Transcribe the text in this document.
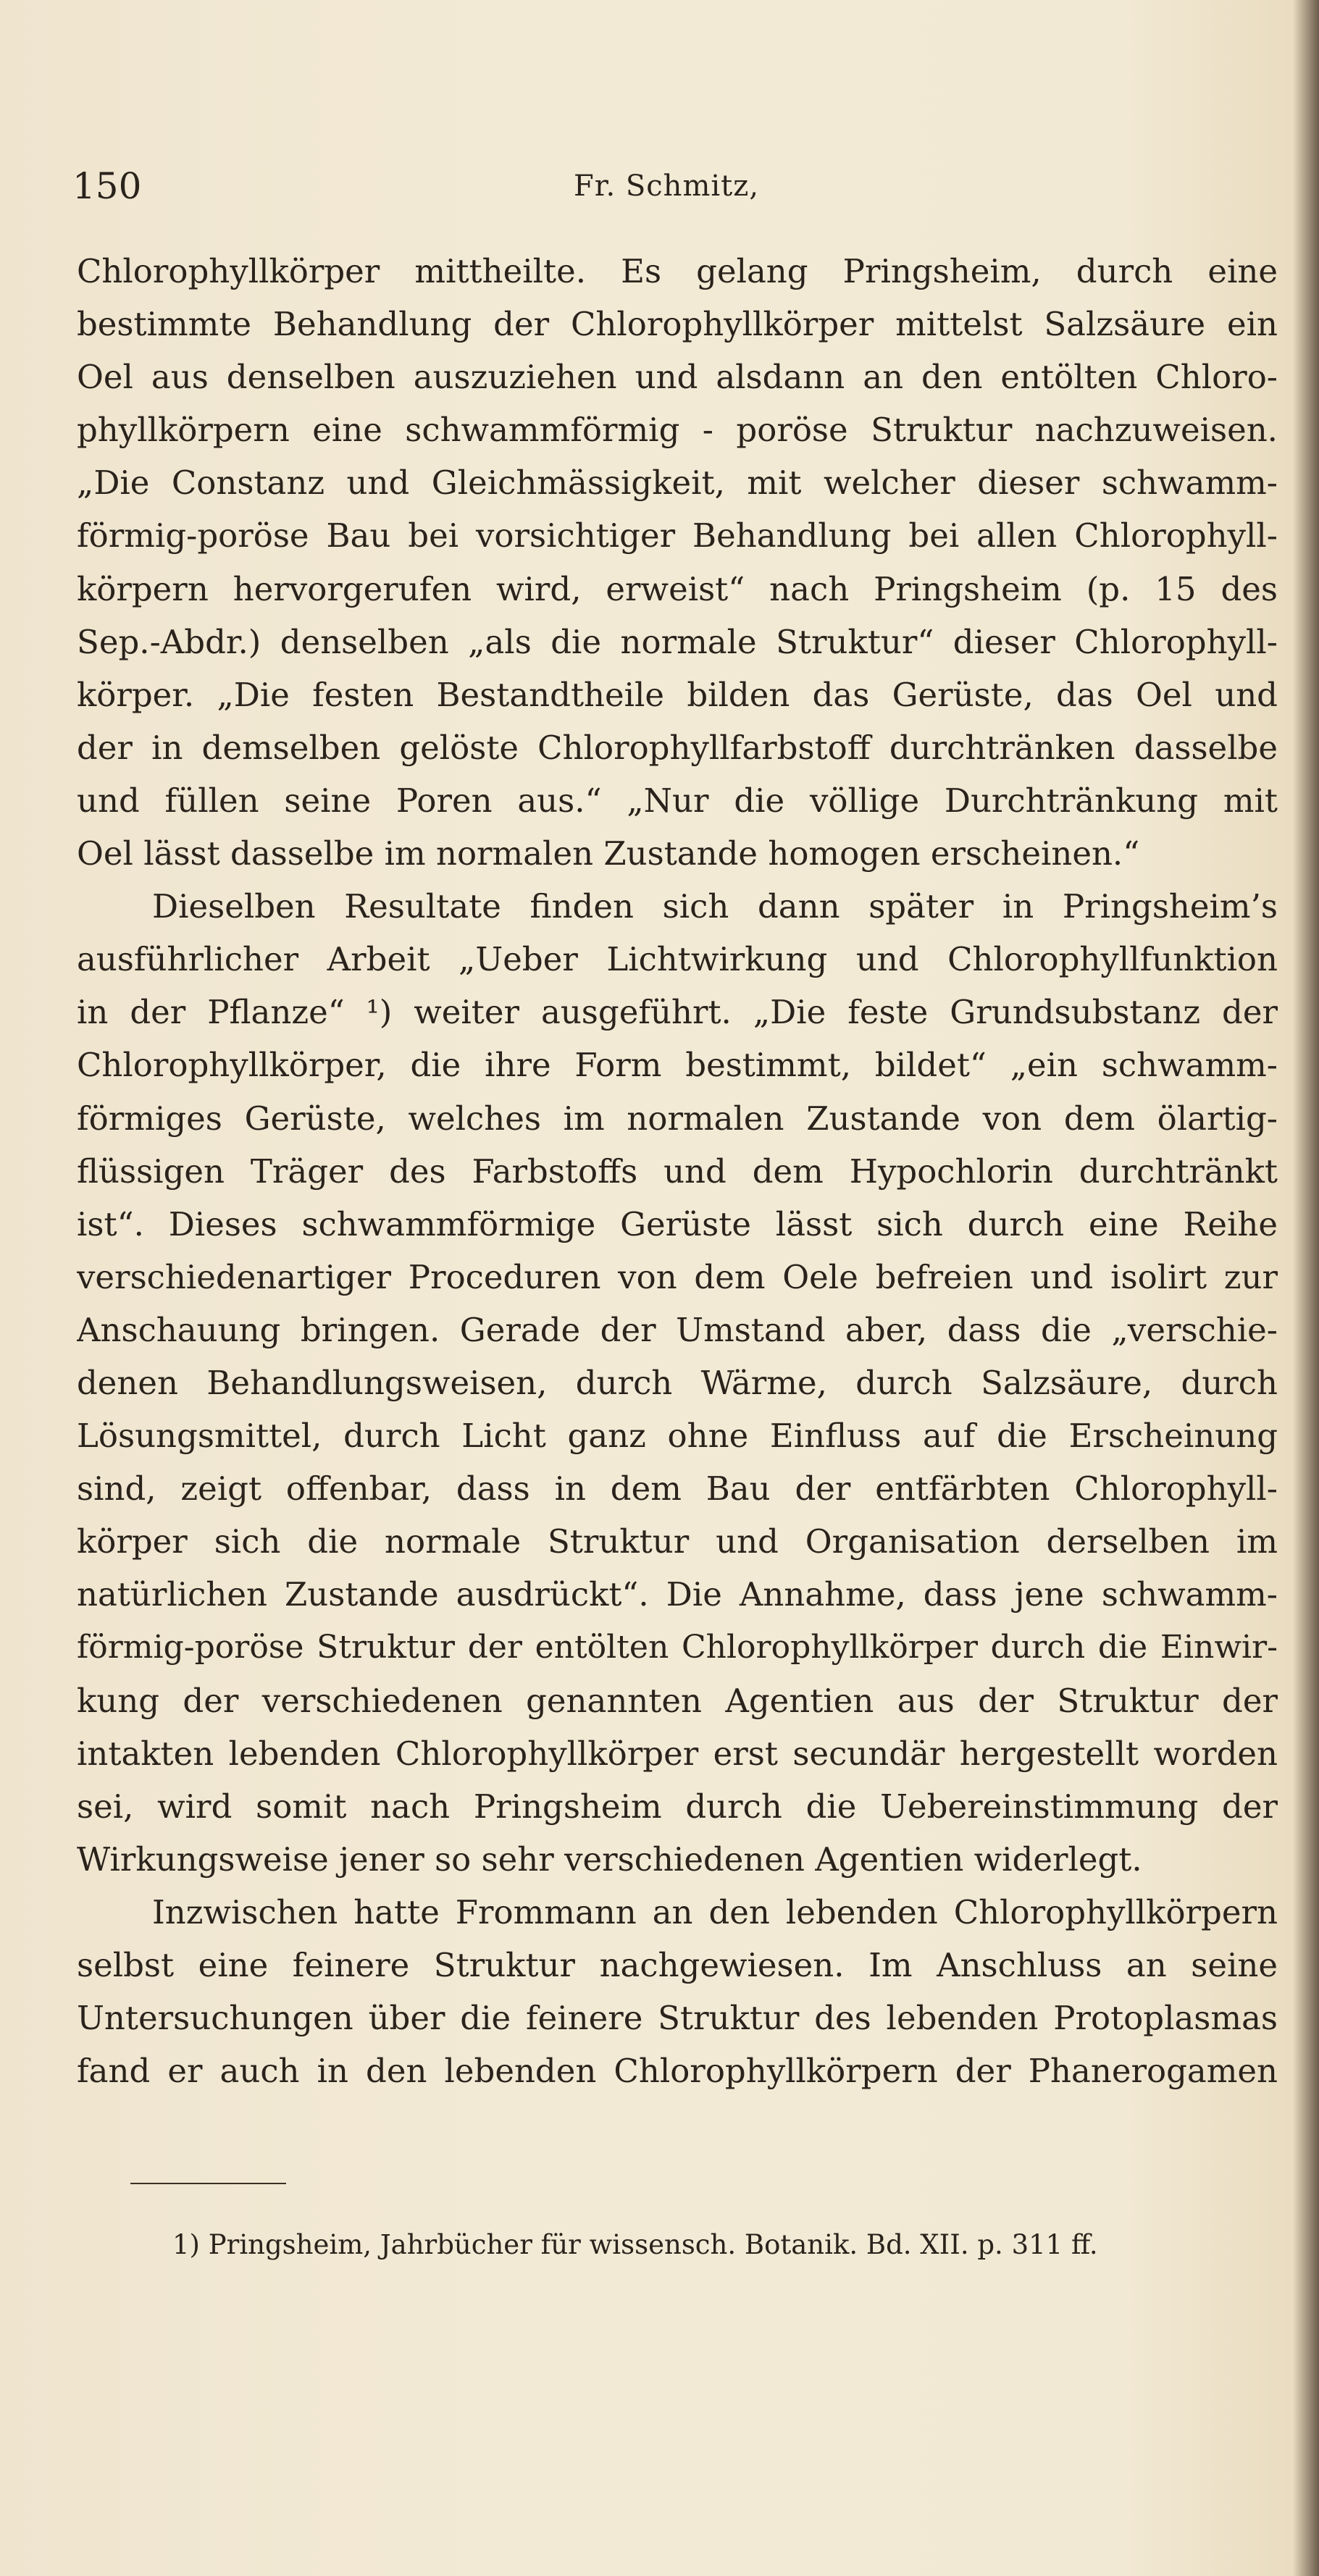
150	Fr. Schmitz,
Chlorophyllkörper mittheilte. Es gelang Pringsheim, durch eine
bestimmte Behandlung der Chlorophyllkörper mittelst Salzsäure ein
Oel aus denselben auszuziehen und alsdann an den entölten Chloro-
phyllkörpern eine schwammförmig - poröse Struktur nachzuweisen.
„Die Constanz und Gleichmässigkeit, mit welcher dieser schwamm-
förmig-poröse Bau bei vorsichtiger Behandlung bei allen Chlorophyll-
körpern hervorgerufen wird, erweist“ nach Pringsheim (p. 15 des
Sep.-Abdr.) denselben „als die normale Struktur“ dieser Chlorophyll-
körper. „Die festen Bestandtheile bilden das Gerüste, das Oel und
der in demselben gelöste Chlorophyllfarbstoff durchtränken dasselbe
und füllen seine Poren aus.“ „Nur die völlige Durchtränkung mit
Oel lässt dasselbe im normalen Zustande homogen erscheinen.“
Dieselben Resultate finden sich dann später in Pringsheim’s
ausführlicher Arbeit „Ueber Lichtwirkung und Chlorophyllfunktion
in der Pflanze“ ¹) weiter ausgeführt. „Die feste Grundsubstanz der
Chlorophyllkörper, die ihre Form bestimmt, bildet“ „ein schwamm-
förmiges Gerüste, welches im normalen Zustande von dem ölartig-
flüssigen Träger des Farbstoffs und dem Hypochlorin durchtränkt
ist“. Dieses schwammförmige Gerüste lässt sich durch eine Reihe
verschiedenartiger Proceduren von dem Oele befreien und isolirt zur
Anschauung bringen. Gerade der Umstand aber, dass die „verschie-
denen Behandlungsweisen, durch Wärme, durch Salzsäure, durch
Lösungsmittel, durch Licht ganz ohne Einfluss auf die Erscheinung
sind, zeigt offenbar, dass in dem Bau der entfärbten Chlorophyll-
körper sich die normale Struktur und Organisation derselben im
natürlichen Zustande ausdrückt“. Die Annahme, dass jene schwamm-
förmig-poröse Struktur der entölten Chlorophyllkörper durch die Einwir-
kung der verschiedenen genannten Agentien aus der Struktur der
intakten lebenden Chlorophyllkörper erst secundär hergestellt worden
sei, wird somit nach Pringsheim durch die Uebereinstimmung der
Wirkungsweise jener so sehr verschiedenen Agentien widerlegt.
Inzwischen hatte Frommann an den lebenden Chlorophyllkörpern
selbst eine feinere Struktur nachgewiesen. Im Anschluss an seine
Untersuchungen über die feinere Struktur des lebenden Protoplasmas
fand er auch in den lebenden Chlorophyllkörpern der Phanerogamen
1) Pringsheim, Jahrbücher für wissensch. Botanik. Bd. XII. p. 311 ff.
